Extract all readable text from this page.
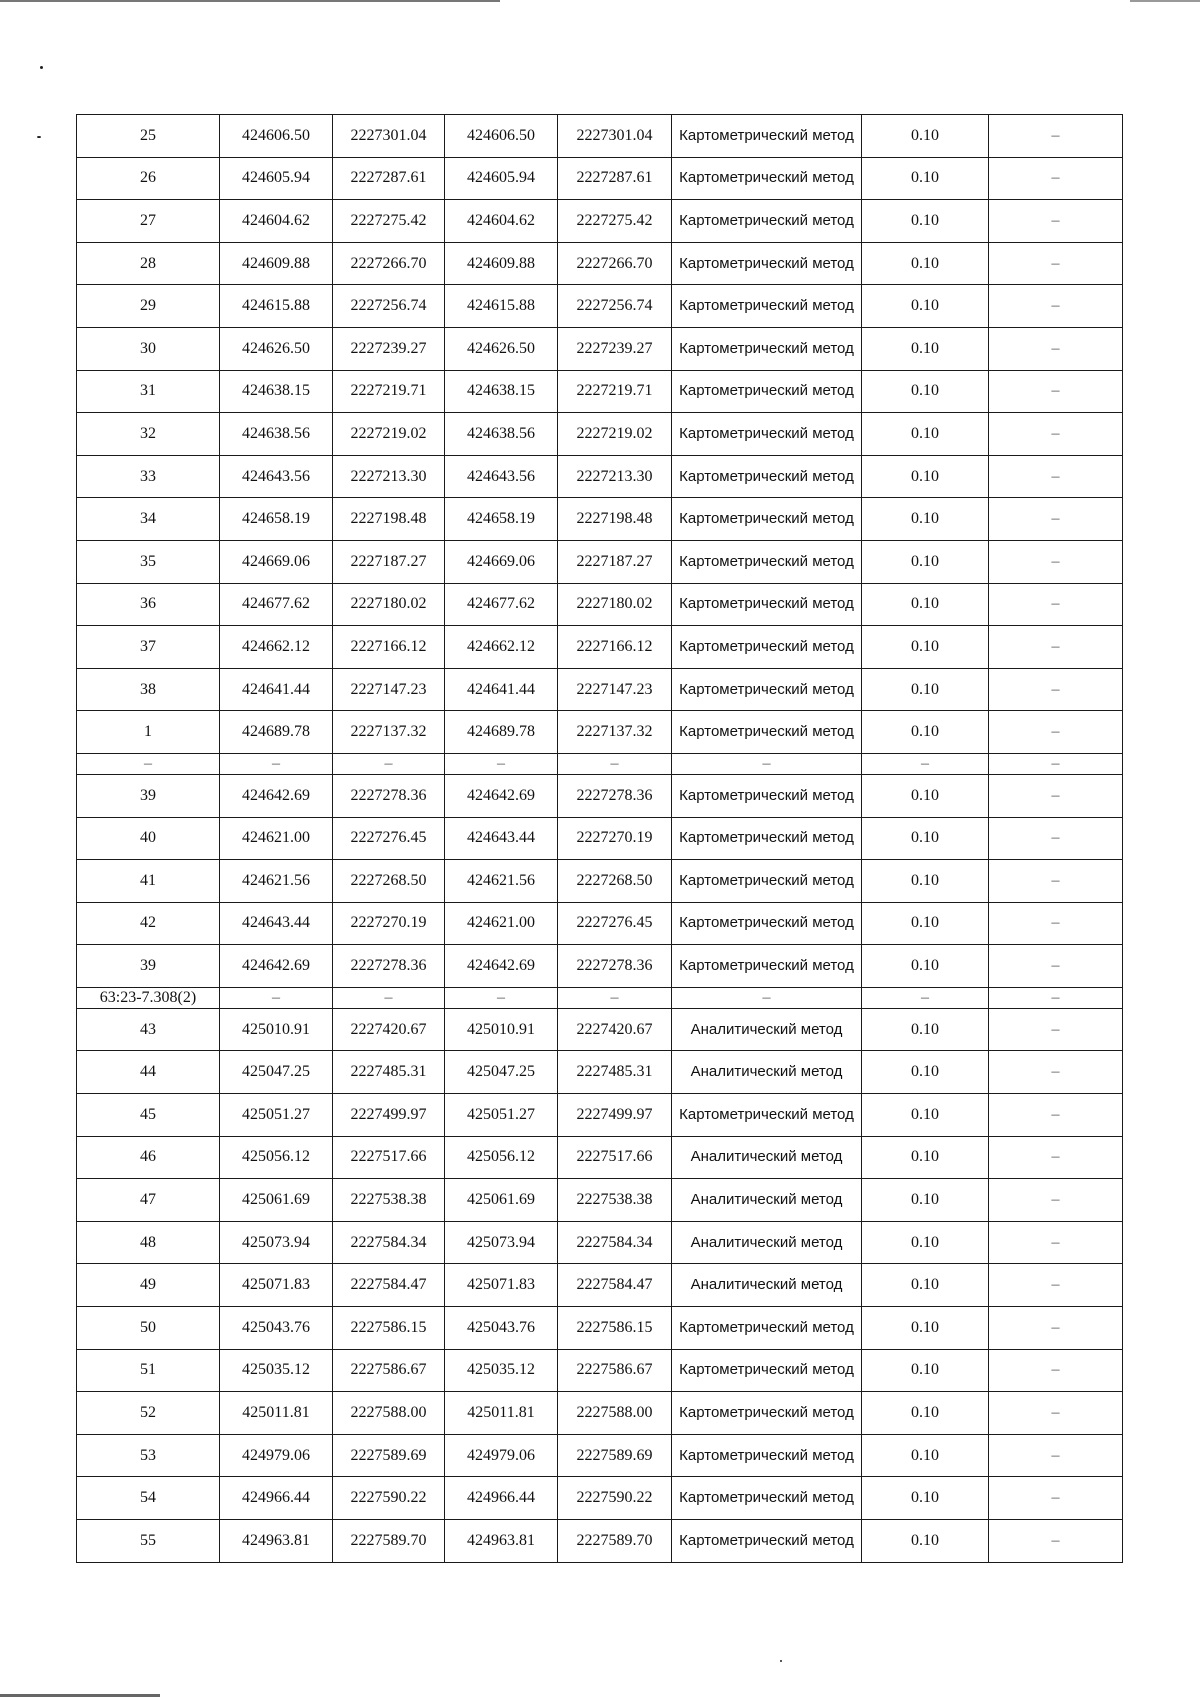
25	424606.50	2227301.04	424606.50	2227301.04	Картометрический метод	0.10	–
26	424605.94	2227287.61	424605.94	2227287.61	Картометрический метод	0.10	–
27	424604.62	2227275.42	424604.62	2227275.42	Картометрический метод	0.10	–
28	424609.88	2227266.70	424609.88	2227266.70	Картометрический метод	0.10	–
29	424615.88	2227256.74	424615.88	2227256.74	Картометрический метод	0.10	–
30	424626.50	2227239.27	424626.50	2227239.27	Картометрический метод	0.10	–
31	424638.15	2227219.71	424638.15	2227219.71	Картометрический метод	0.10	–
32	424638.56	2227219.02	424638.56	2227219.02	Картометрический метод	0.10	–
33	424643.56	2227213.30	424643.56	2227213.30	Картометрический метод	0.10	–
34	424658.19	2227198.48	424658.19	2227198.48	Картометрический метод	0.10	–
35	424669.06	2227187.27	424669.06	2227187.27	Картометрический метод	0.10	–
36	424677.62	2227180.02	424677.62	2227180.02	Картометрический метод	0.10	–
37	424662.12	2227166.12	424662.12	2227166.12	Картометрический метод	0.10	–
38	424641.44	2227147.23	424641.44	2227147.23	Картометрический метод	0.10	–
1	424689.78	2227137.32	424689.78	2227137.32	Картометрический метод	0.10	–
–	–	–	–	–	–	–	–
39	424642.69	2227278.36	424642.69	2227278.36	Картометрический метод	0.10	–
40	424621.00	2227276.45	424643.44	2227270.19	Картометрический метод	0.10	–
41	424621.56	2227268.50	424621.56	2227268.50	Картометрический метод	0.10	–
42	424643.44	2227270.19	424621.00	2227276.45	Картометрический метод	0.10	–
39	424642.69	2227278.36	424642.69	2227278.36	Картометрический метод	0.10	–
63:23-7.308(2)	–	–	–	–	–	–	–
43	425010.91	2227420.67	425010.91	2227420.67	Аналитический метод	0.10	–
44	425047.25	2227485.31	425047.25	2227485.31	Аналитический метод	0.10	–
45	425051.27	2227499.97	425051.27	2227499.97	Картометрический метод	0.10	–
46	425056.12	2227517.66	425056.12	2227517.66	Аналитический метод	0.10	–
47	425061.69	2227538.38	425061.69	2227538.38	Аналитический метод	0.10	–
48	425073.94	2227584.34	425073.94	2227584.34	Аналитический метод	0.10	–
49	425071.83	2227584.47	425071.83	2227584.47	Аналитический метод	0.10	–
50	425043.76	2227586.15	425043.76	2227586.15	Картометрический метод	0.10	–
51	425035.12	2227586.67	425035.12	2227586.67	Картометрический метод	0.10	–
52	425011.81	2227588.00	425011.81	2227588.00	Картометрический метод	0.10	–
53	424979.06	2227589.69	424979.06	2227589.69	Картометрический метод	0.10	–
54	424966.44	2227590.22	424966.44	2227590.22	Картометрический метод	0.10	–
55	424963.81	2227589.70	424963.81	2227589.70	Картометрический метод	0.10	–
